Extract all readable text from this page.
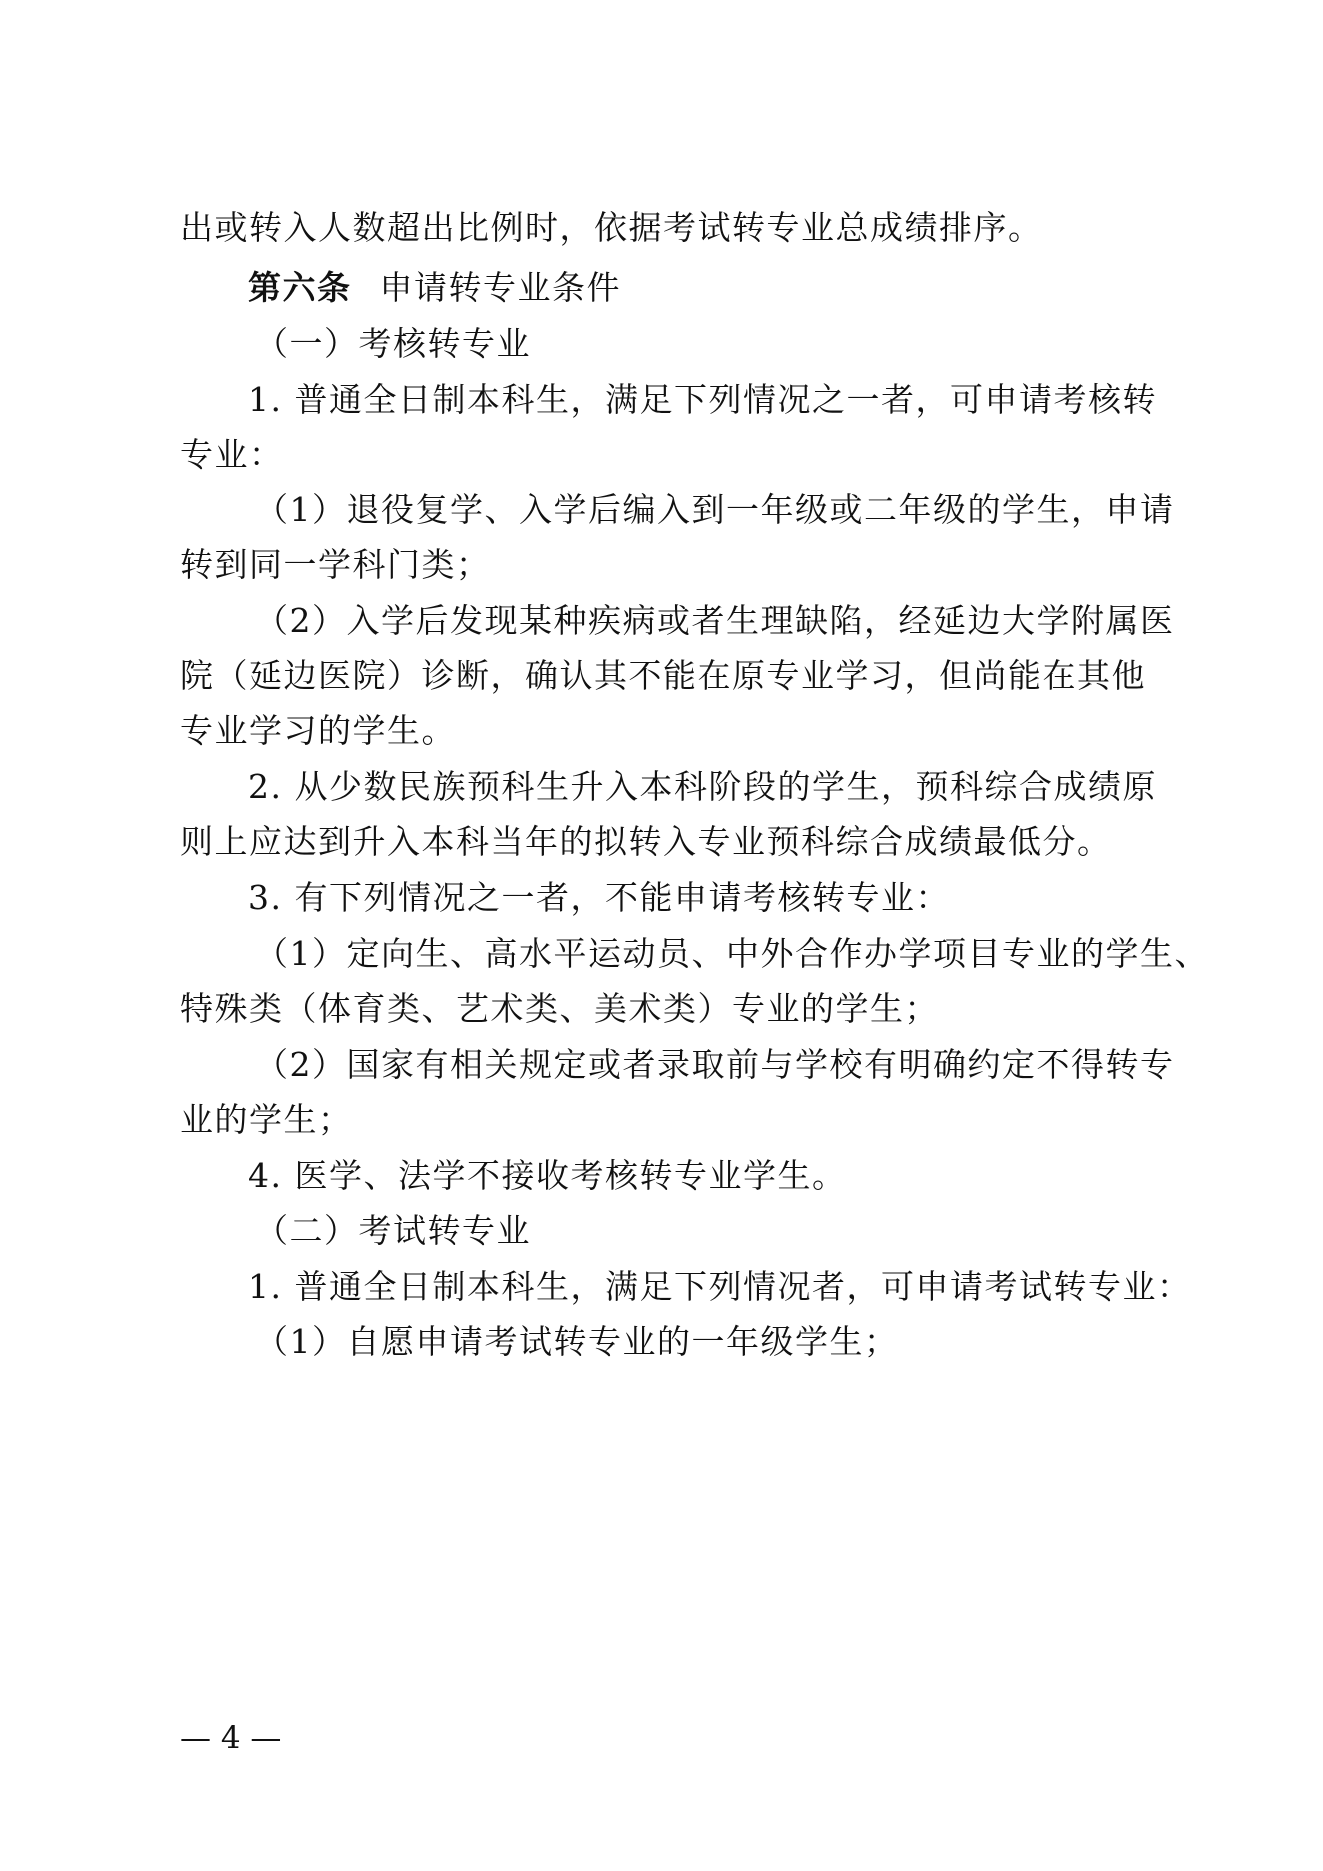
出或转入人数超出比例时，依据考试转专业总成绩排序。
第六条 申请转专业条件
（一）考核转专业
1. 普通全日制本科生，满足下列情况之一者，可申请考核转
专业：
（1）退役复学、入学后编入到一年级或二年级的学生，申请
转到同一学科门类；
（2）入学后发现某种疾病或者生理缺陷，经延边大学附属医
院（延边医院）诊断，确认其不能在原专业学习，但尚能在其他
专业学习的学生。
2. 从少数民族预科生升入本科阶段的学生，预科综合成绩原
则上应达到升入本科当年的拟转入专业预科综合成绩最低分。
3. 有下列情况之一者，不能申请考核转专业：
（1）定向生、高水平运动员、中外合作办学项目专业的学生、
特殊类（体育类、艺术类、美术类）专业的学生；
（2）国家有相关规定或者录取前与学校有明确约定不得转专
业的学生；
4. 医学、法学不接收考核转专业学生。
（二）考试转专业
1. 普通全日制本科生，满足下列情况者，可申请考试转专业：
（1）自愿申请考试转专业的一年级学生；
— 4 —
